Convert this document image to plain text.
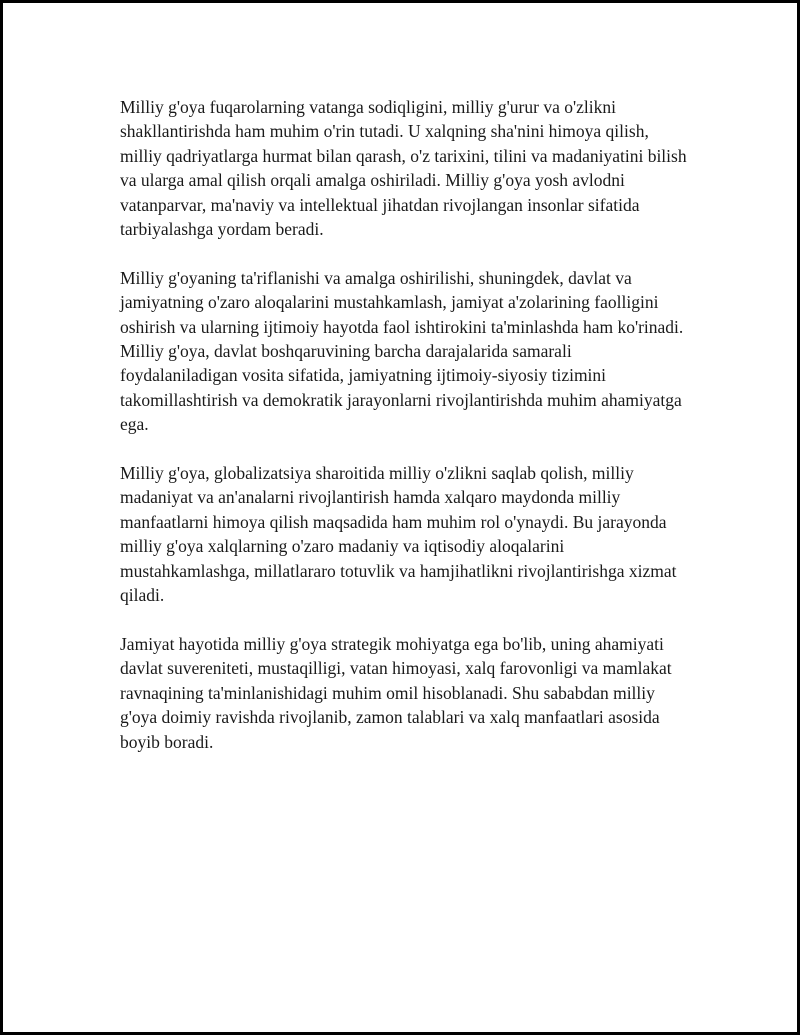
Milliy g'oya fuqarolarning vatanga sodiqligini, milliy g'urur va o'zlikni shakllantirishda ham muhim o'rin tutadi. U xalqning sha'nini himoya qilish, milliy qadriyatlarga hurmat bilan qarash, o'z tarixini, tilini va madaniyatini bilish va ularga amal qilish orqali amalga oshiriladi. Milliy g'oya yosh avlodni vatanparvar, ma'naviy va intellektual jihatdan rivojlangan insonlar sifatida tarbiyalashga yordam beradi.

Milliy g'oyaning ta'riflanishi va amalga oshirilishi, shuningdek, davlat va jamiyatning o'zaro aloqalarini mustahkamlash, jamiyat a'zolarining faolligini oshirish va ularning ijtimoiy hayotda faol ishtirokini ta'minlashda ham ko'rinadi. Milliy g'oya, davlat boshqaruvining barcha darajalarida samarali foydalaniladigan vosita sifatida, jamiyatning ijtimoiy-siyosiy tizimini takomillashtirish va demokratik jarayonlarni rivojlantirishda muhim ahamiyatga ega.

Milliy g'oya, globalizatsiya sharoitida milliy o'zlikni saqlab qolish, milliy madaniyat va an'analarni rivojlantirish hamda xalqaro maydonda milliy manfaatlarni himoya qilish maqsadida ham muhim rol o'ynaydi. Bu jarayonda milliy g'oya xalqlarning o'zaro madaniy va iqtisodiy aloqalarini mustahkamlashga, millatlararo totuvlik va hamjihatlikni rivojlantirishga xizmat qiladi.

Jamiyat hayotida milliy g'oya strategik mohiyatga ega bo'lib, uning ahamiyati davlat suvereniteti, mustaqilligi, vatan himoyasi, xalq farovonligi va mamlakat ravnaqining ta'minlanishidagi muhim omil hisoblanadi. Shu sababdan milliy g'oya doimiy ravishda rivojlanib, zamon talablari va xalq manfaatlari asosida boyib boradi.
